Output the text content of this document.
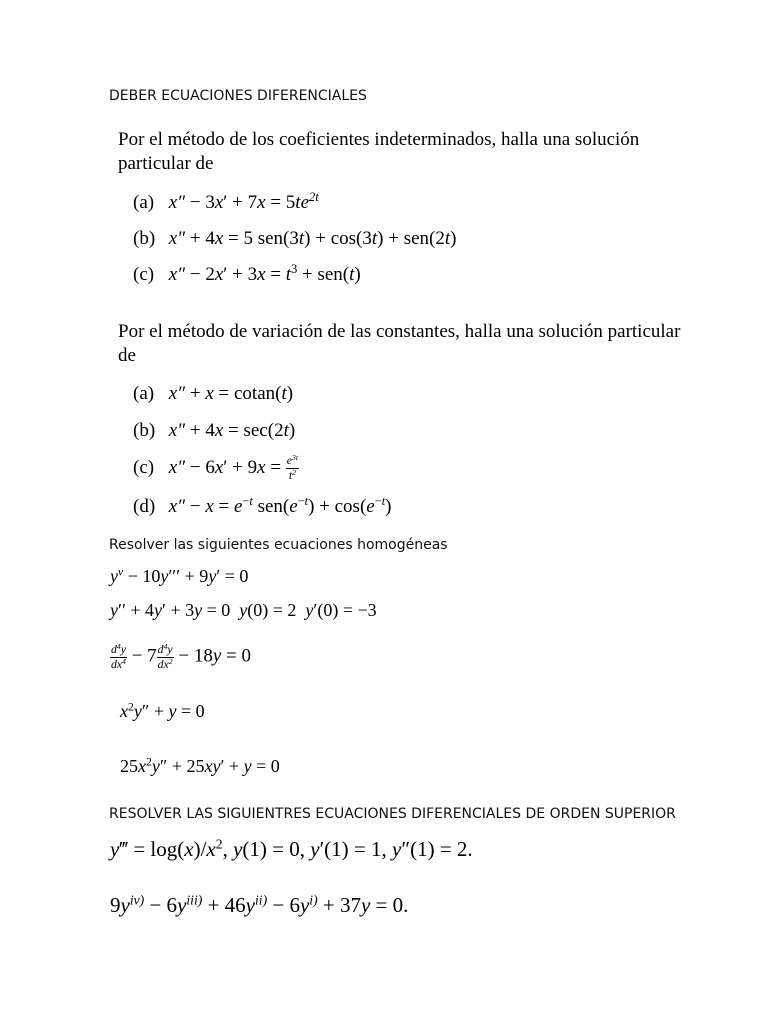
DEBER ECUACIONES DIFERENCIALES
Por el método de los coeficientes indeterminados, halla una solución particular de
(a) $x'' - 3x' + 7x = 5te^{2t}$
(b) x″ + 4x = 5 sen(3t) + cos(3t) + sen(2t)
(c) $x'' - 2x' + 3x = t^3 + sen(t)$
Por el método de variación de las constantes, halla una solución particular de
(a) x″ + x = cotan(t)
(b) x″ + 4x = sec(2t)
(c) $x'' - 6x' + 9x = \frac{e^{3t}}{t^2}$
(d) $x'' - x = e^{-t}$ $sen(e^{-t}) + \cos(e^{-t})$
Resolver las siguientes ecuaciones homogéneas
$y^v - 10y''' + 9y' = 0$
y′′ + 4y′ + 3y = 0  y(0) = 2  y′(0) = −3
$\frac{d^4y}{dx^4} - 7 \frac{d^4y}{dx^2} - 18y = 0$
$x^2y'' + y = 0$
$25x^2y'' + 25xy' + y = 0$
RESOLVER LAS SIGUIENTRES ECUACIONES DIFERENCIALES DE ORDEN SUPERIOR
y‴ = $\log(x)/x^2$, y(1) = 0, y′(1) = 1, y″(1) = 2.
$9y^{iv)} - 6y^{iii)} + 46y^{ii)} - 6y^{i)} + 37y = 0$.
